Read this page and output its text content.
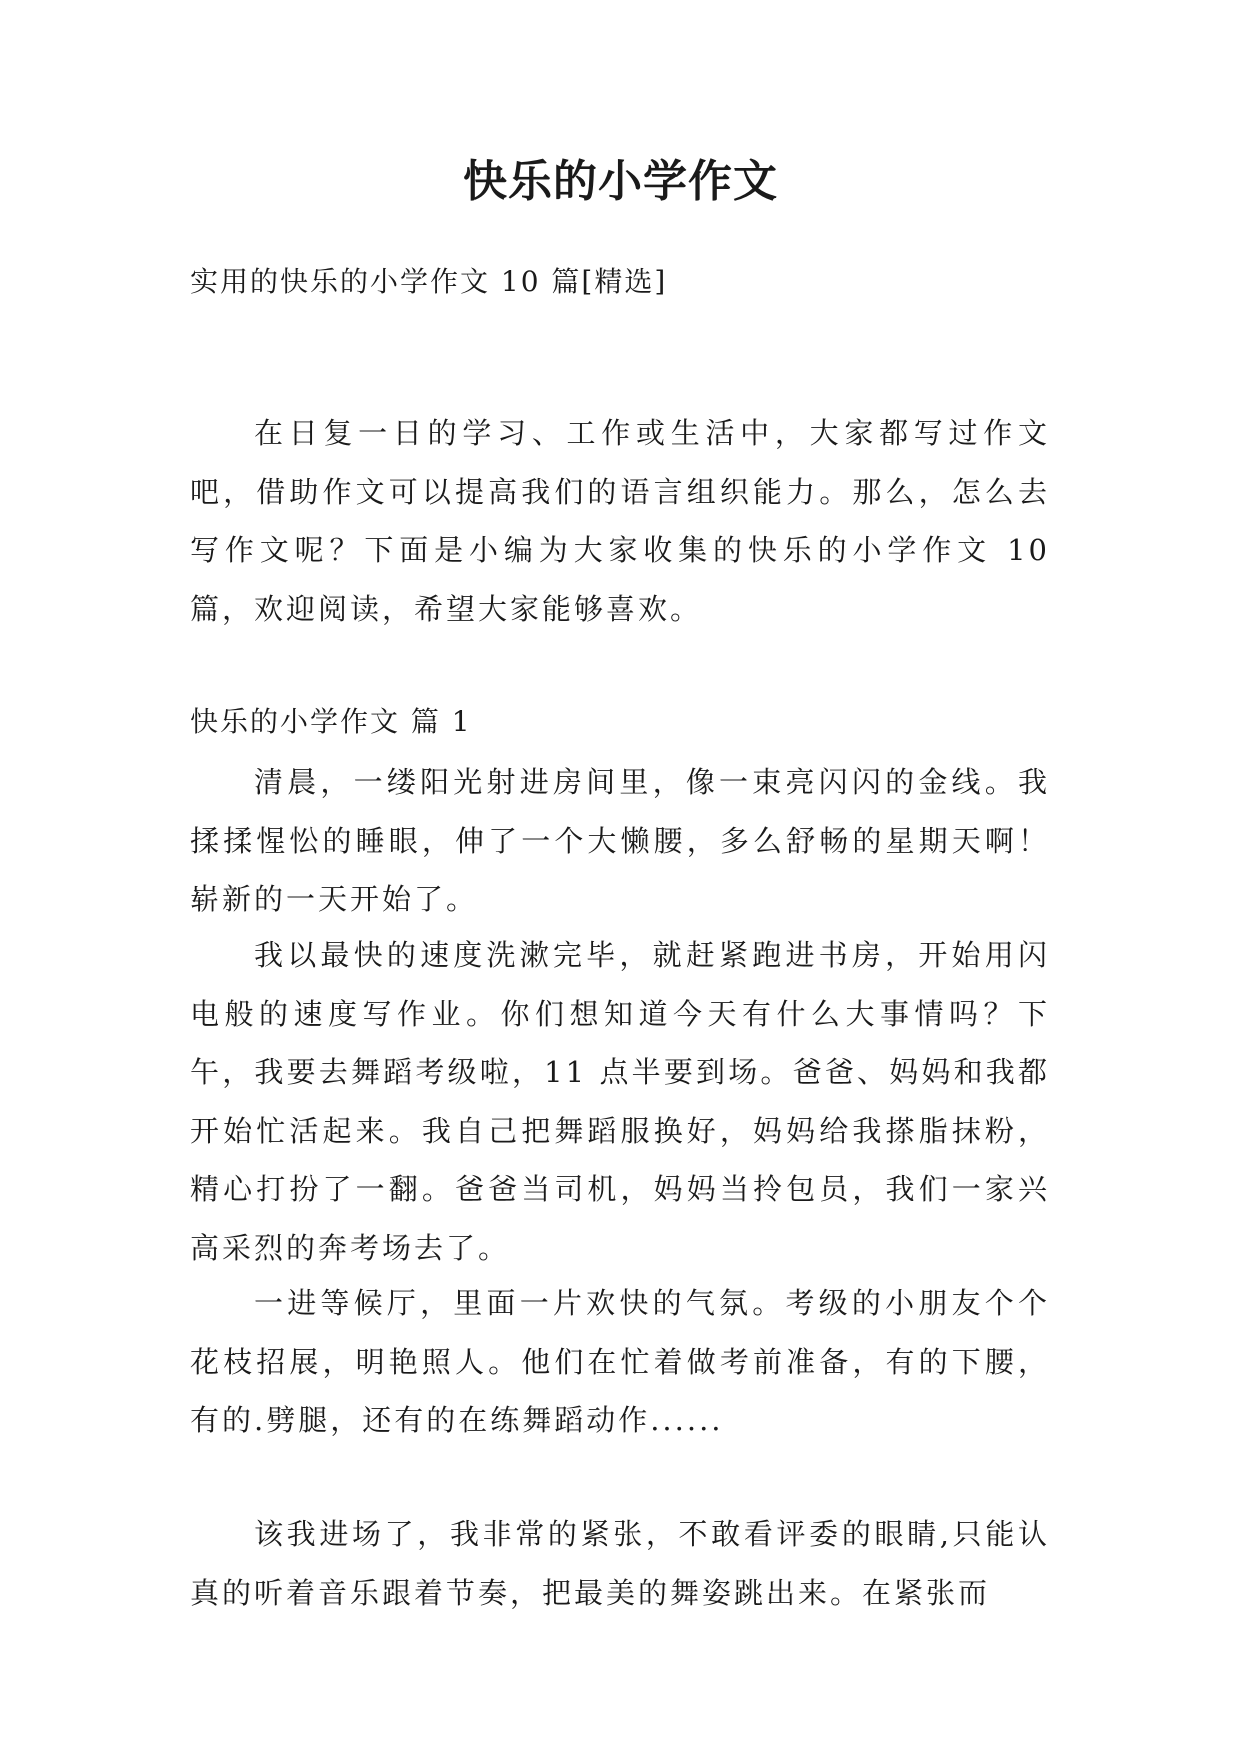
快乐的小学作文
实用的快乐的小学作文 10 篇[精选]

在日复一日的学习、工作或生活中，大家都写过作文吧，借助作文可以提高我们的语言组织能力。那么，怎么去写作文呢？下面是小编为大家收集的快乐的小学作文 10 篇，欢迎阅读，希望大家能够喜欢。

快乐的小学作文 篇 1

清晨，一缕阳光射进房间里，像一束亮闪闪的金线。我揉揉惺忪的睡眼，伸了一个大懒腰，多么舒畅的星期天啊！崭新的一天开始了。

我以最快的速度洗漱完毕，就赶紧跑进书房，开始用闪电般的速度写作业。你们想知道今天有什么大事情吗？下午，我要去舞蹈考级啦，11 点半要到场。爸爸、妈妈和我都开始忙活起来。我自己把舞蹈服换好，妈妈给我搽脂抹粉，精心打扮了一翻。爸爸当司机，妈妈当拎包员，我们一家兴高采烈的奔考场去了。

一进等候厅，里面一片欢快的气氛。考级的小朋友个个花枝招展，明艳照人。他们在忙着做考前准备，有的下腰，有的.劈腿，还有的在练舞蹈动作......

该我进场了，我非常的紧张，不敢看评委的眼睛,只能认真的听着音乐跟着节奏，把最美的舞姿跳出来。在紧张而
